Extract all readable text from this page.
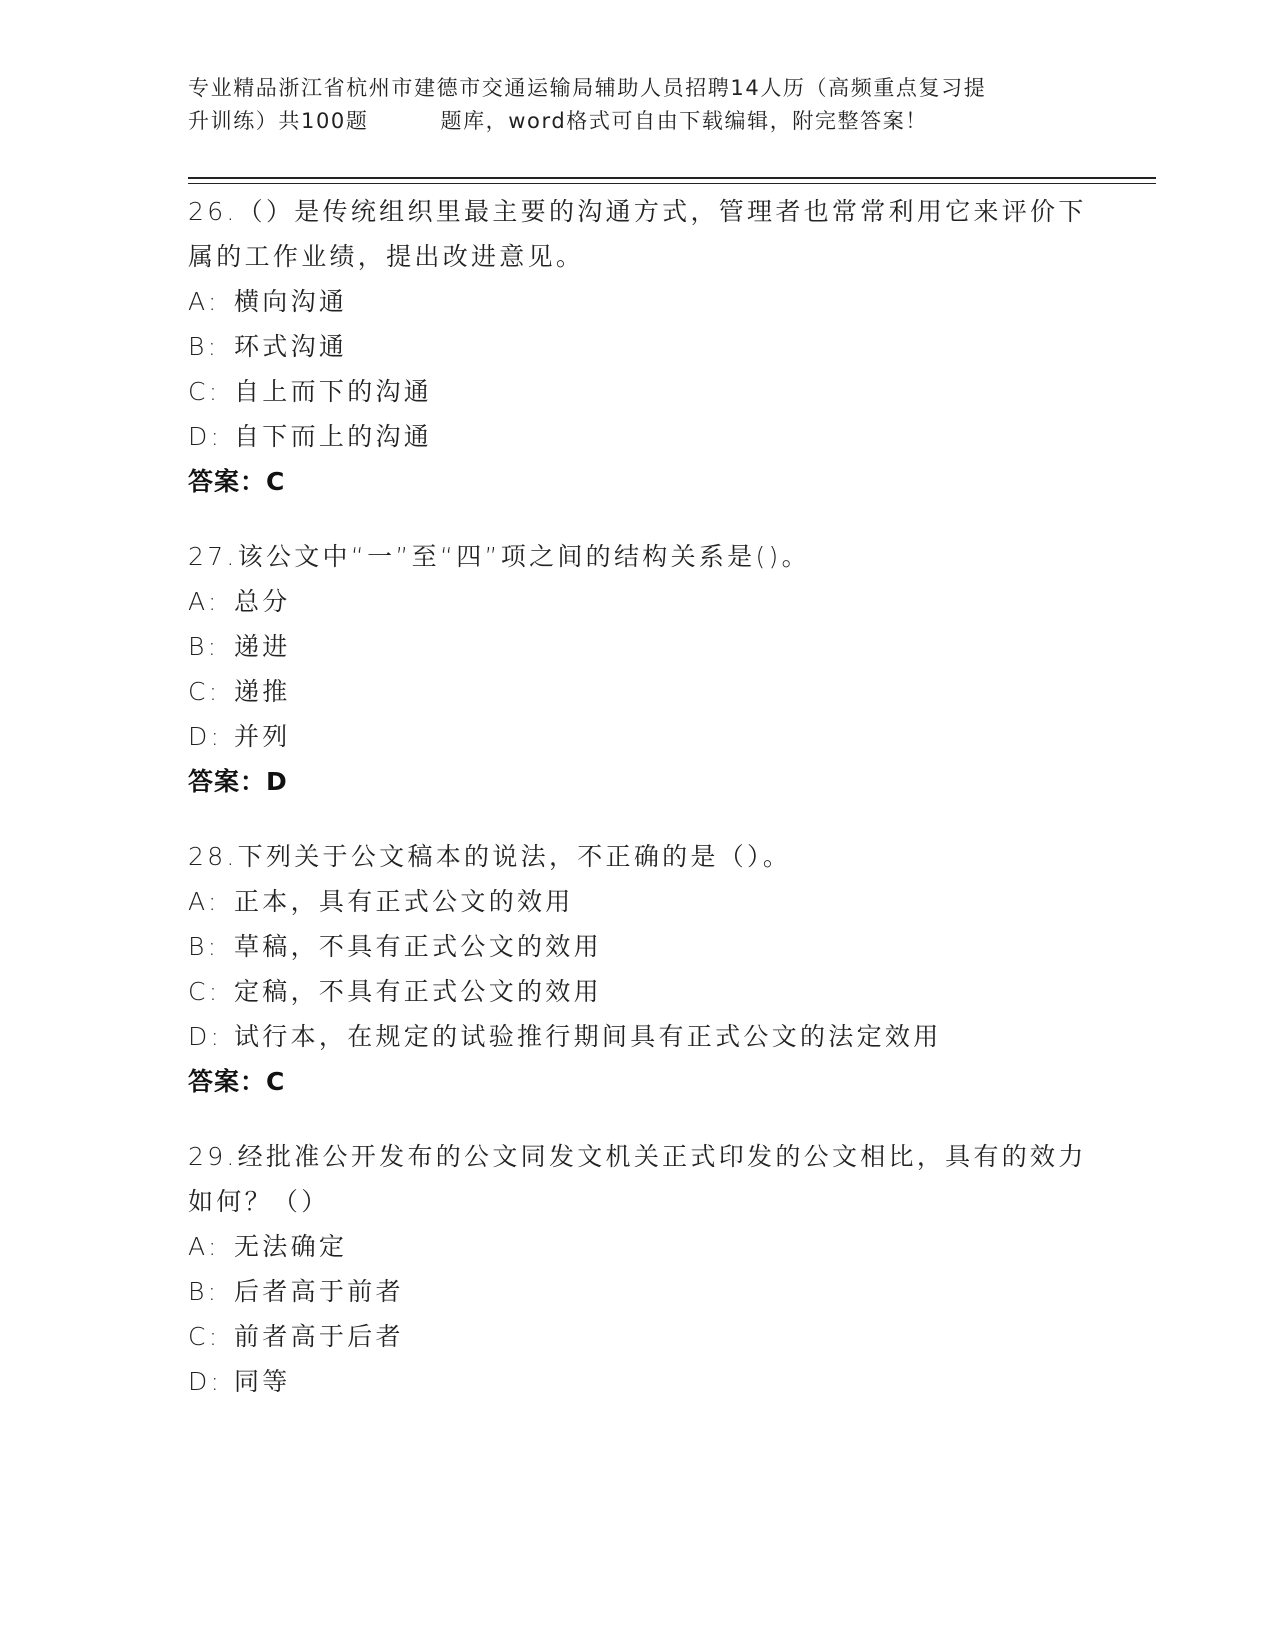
专业精品浙江省杭州市建德市交通运输局辅助人员招聘14人历（高频重点复习提
升训练）共100题	题库，word格式可自由下载编辑，附完整答案！
26.（）是传统组织里最主要的沟通方式，管理者也常常利用它来评价下属的工作业绩，提出改进意见。
A: 横向沟通
B: 环式沟通
C: 自上而下的沟通
D: 自下而上的沟通
答案：C
27.该公文中“一”至“四”项之间的结构关系是()。
A: 总分
B: 递进
C: 递推
D: 并列
答案：D
28.下列关于公文稿本的说法，不正确的是（）。
A: 正本，具有正式公文的效用
B: 草稿，不具有正式公文的效用
C: 定稿，不具有正式公文的效用
D: 试行本，在规定的试验推行期间具有正式公文的法定效用
答案：C
29.经批准公开发布的公文同发文机关正式印发的公文相比，具有的效力如何？（）
A: 无法确定
B: 后者高于前者
C: 前者高于后者
D: 同等
